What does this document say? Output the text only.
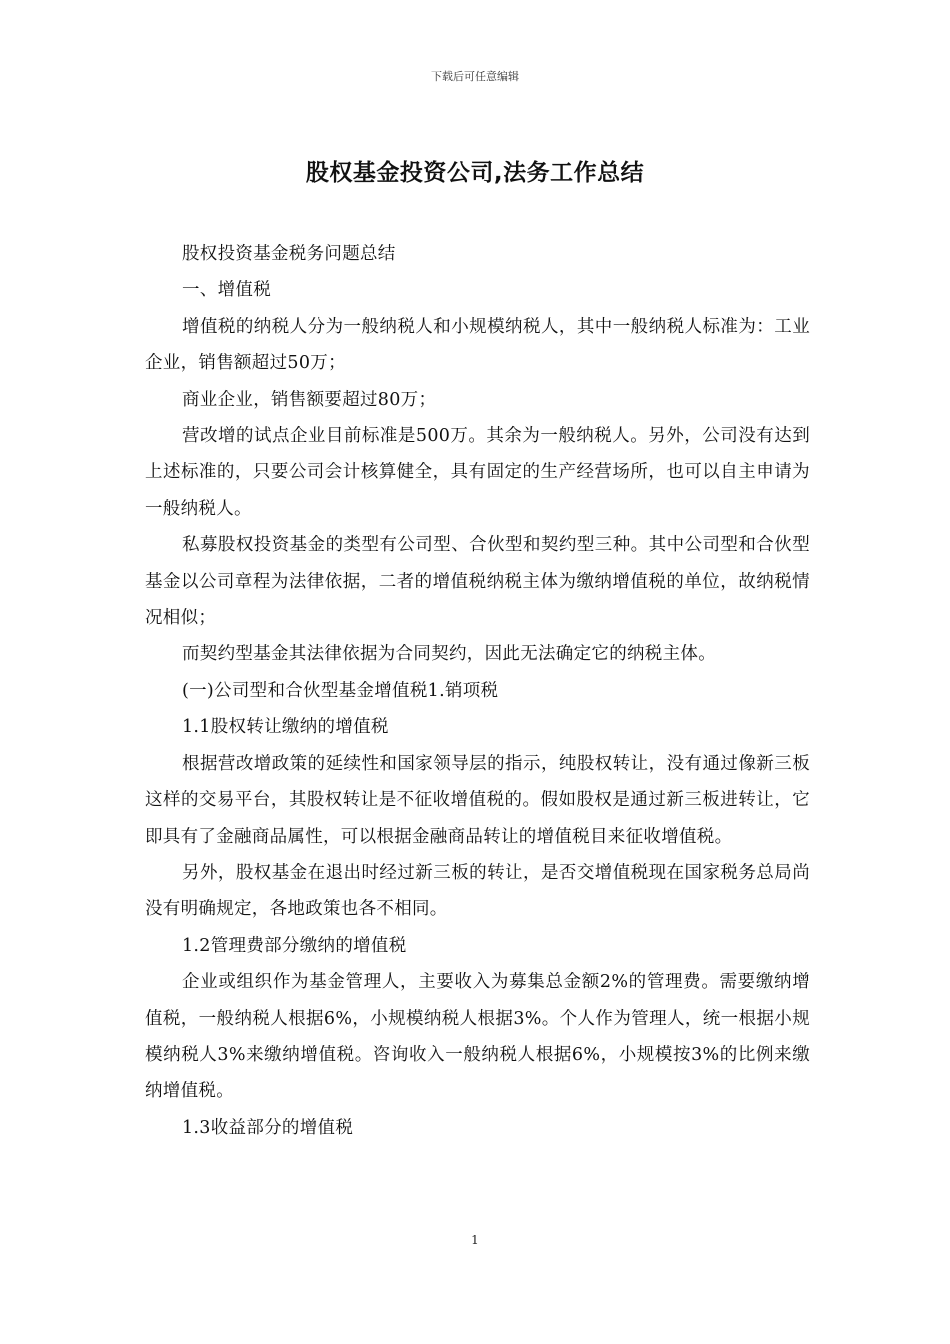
下载后可任意编辑
股权基金投资公司,法务工作总结

股权投资基金税务问题总结

一、增值税

增值税的纳税人分为一般纳税人和小规模纳税人，其中一般纳税人标准为：工业企业，销售额超过50万；

商业企业，销售额要超过80万；

营改增的试点企业目前标准是500万。其余为一般纳税人。另外，公司没有达到上述标准的，只要公司会计核算健全，具有固定的生产经营场所，也可以自主申请为一般纳税人。

私募股权投资基金的类型有公司型、合伙型和契约型三种。其中公司型和合伙型基金以公司章程为法律依据，二者的增值税纳税主体为缴纳增值税的单位，故纳税情况相似；

而契约型基金其法律依据为合同契约，因此无法确定它的纳税主体。

(一)公司型和合伙型基金增值税1.销项税

1.1股权转让缴纳的增值税

根据营改增政策的延续性和国家领导层的指示，纯股权转让，没有通过像新三板这样的交易平台，其股权转让是不征收增值税的。假如股权是通过新三板进转让，它即具有了金融商品属性，可以根据金融商品转让的增值税目来征收增值税。

另外，股权基金在退出时经过新三板的转让，是否交增值税现在国家税务总局尚没有明确规定，各地政策也各不相同。

1.2管理费部分缴纳的增值税

企业或组织作为基金管理人，主要收入为募集总金额2%的管理费。需要缴纳增值税，一般纳税人根据6%，小规模纳税人根据3%。个人作为管理人，统一根据小规模纳税人3%来缴纳增值税。咨询收入一般纳税人根据6%，小规模按3%的比例来缴纳增值税。

1.3收益部分的增值税

1
